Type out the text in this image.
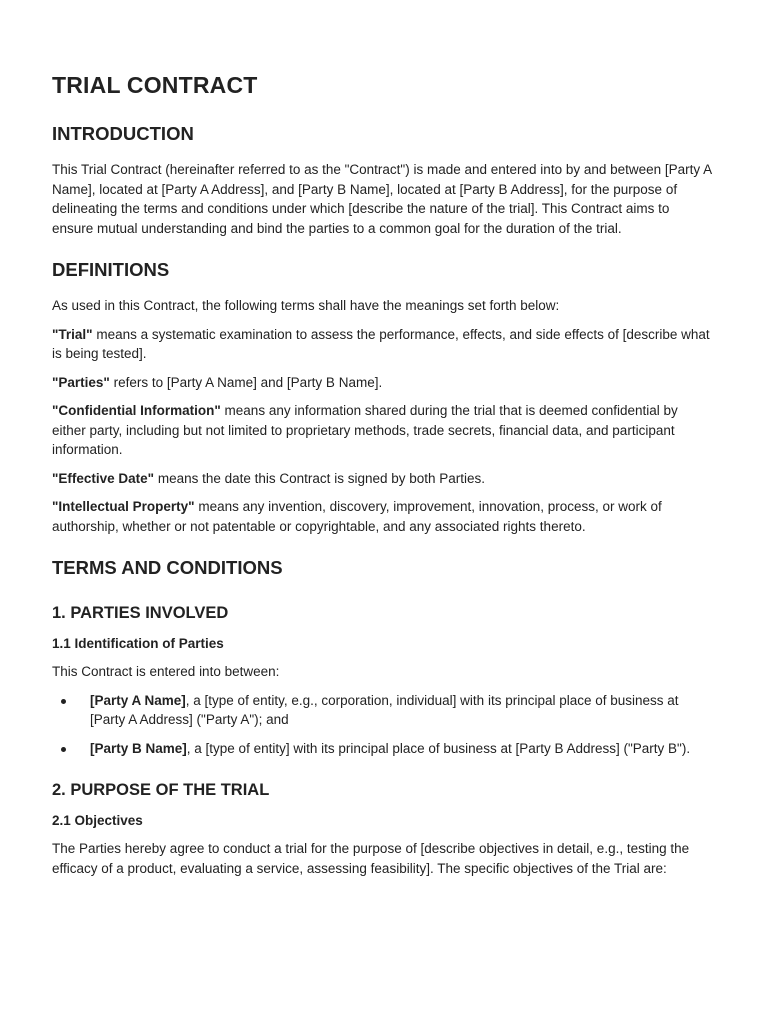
TRIAL CONTRACT
INTRODUCTION

This Trial Contract (hereinafter referred to as the "Contract") is made and entered into by and between [Party A Name], located at [Party A Address], and [Party B Name], located at [Party B Address], for the purpose of delineating the terms and conditions under which [describe the nature of the trial]. This Contract aims to ensure mutual understanding and bind the parties to a common goal for the duration of the trial.

DEFINITIONS

As used in this Contract, the following terms shall have the meanings set forth below:

"Trial" means a systematic examination to assess the performance, effects, and side effects of [describe what is being tested].

"Parties" refers to [Party A Name] and [Party B Name].

"Confidential Information" means any information shared during the trial that is deemed confidential by either party, including but not limited to proprietary methods, trade secrets, financial data, and participant information.

"Effective Date" means the date this Contract is signed by both Parties.

"Intellectual Property" means any invention, discovery, improvement, innovation, process, or work of authorship, whether or not patentable or copyrightable, and any associated rights thereto.

TERMS AND CONDITIONS
1. PARTIES INVOLVED
1.1 Identification of Parties

This Contract is entered into between:

[Party A Name], a [type of entity, e.g., corporation, individual] with its principal place of business at [Party A Address] ("Party A"); and
[Party B Name], a [type of entity] with its principal place of business at [Party B Address] ("Party B").
2. PURPOSE OF THE TRIAL
2.1 Objectives

The Parties hereby agree to conduct a trial for the purpose of [describe objectives in detail, e.g., testing the efficacy of a product, evaluating a service, assessing feasibility]. The specific objectives of the Trial are:
